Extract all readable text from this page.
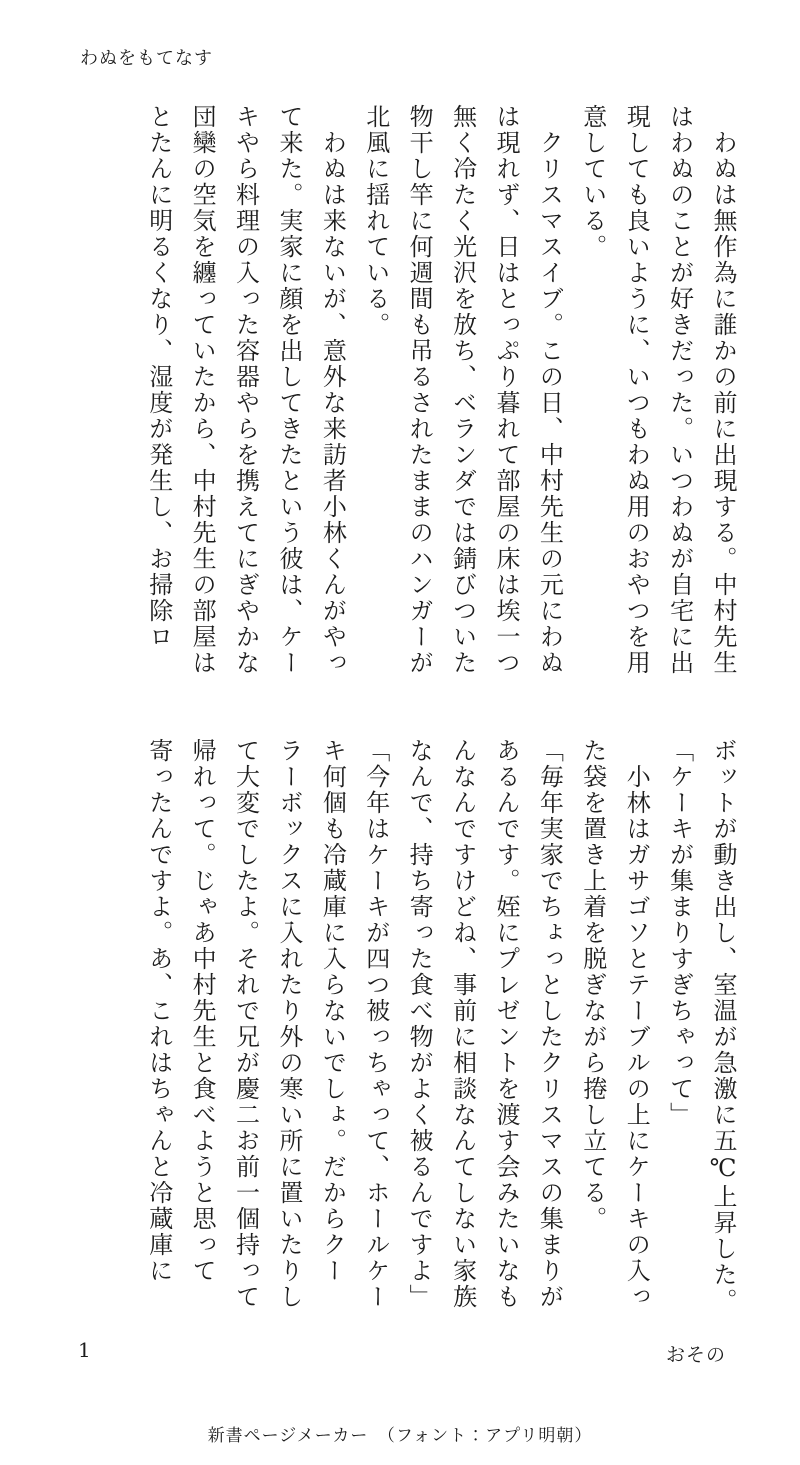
わぬをもてなす
　わぬは無作為に誰かの前に出現する。中村先生
はわぬのことが好きだった。いつわぬが自宅に出
現しても良いように、いつもわぬ用のおやつを用
意している。
　クリスマスイブ。この日、中村先生の元にわぬ
は現れず、日はとっぷり暮れて部屋の床は埃一つ
無く冷たく光沢を放ち、ベランダでは錆びついた
物干し竿に何週間も吊るされたままのハンガーが
北風に揺れている。
　わぬは来ないが、意外な来訪者小林くんがやっ
て来た。実家に顔を出してきたという彼は、ケー
キやら料理の入った容器やらを携えてにぎやかな
団欒の空気を纏っていたから、中村先生の部屋は
とたんに明るくなり、湿度が発生し、お掃除ロ
ボットが動き出し、室温が急激に五℃上昇した。
「ケーキが集まりすぎちゃって」
　小林はガサゴソとテーブルの上にケーキの入っ
た袋を置き上着を脱ぎながら捲し立てる。
「毎年実家でちょっとしたクリスマスの集まりが
あるんです。姪にプレゼントを渡す会みたいなも
んなんですけどね、事前に相談なんてしない家族
なんで、持ち寄った食べ物がよく被るんですよ」
「今年はケーキが四つ被っちゃって、ホールケー
キ何個も冷蔵庫に入らないでしょ。だからクー
ラーボックスに入れたり外の寒い所に置いたりし
て大変でしたよ。それで兄が慶二お前一個持って
帰れって。じゃあ中村先生と食べようと思って
寄ったんですよ。あ、これはちゃんと冷蔵庫に
1	おその
新書ページメーカー　（フォント：アプリ明朝）
